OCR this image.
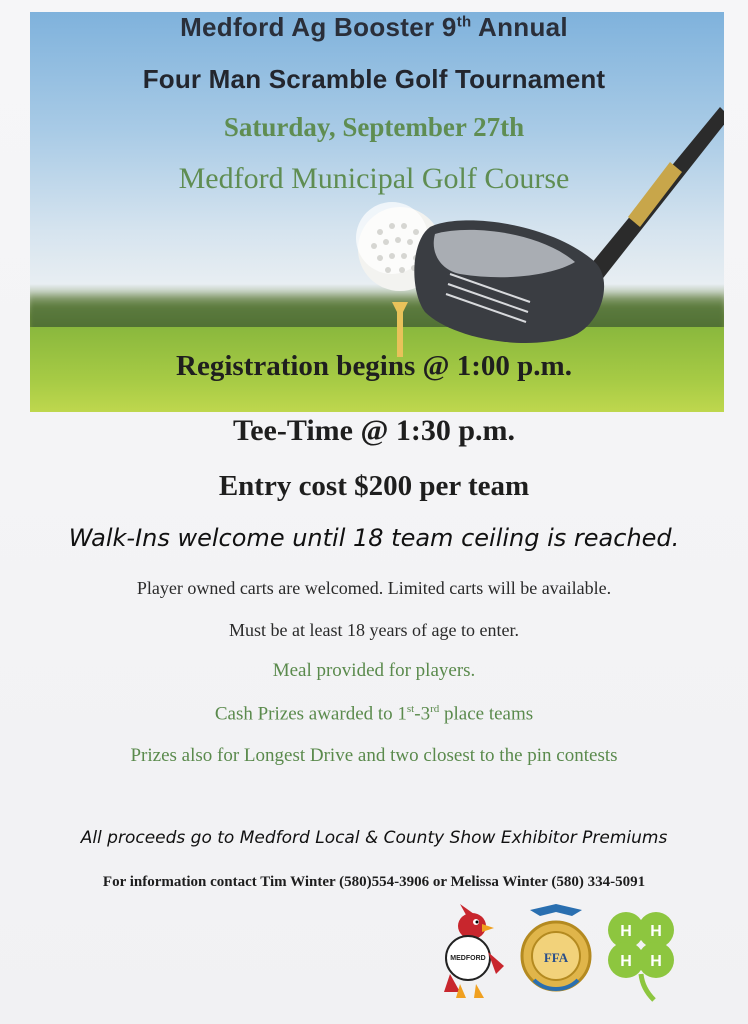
Medford Ag Booster 9th Annual
Four Man Scramble Golf Tournament
Saturday, September 27th
Medford Municipal Golf Course
Registration begins @ 1:00 p.m.
Tee-Time @ 1:30 p.m.
Entry cost $200 per team
Walk-Ins welcome until 18 team ceiling is reached.
Player owned carts are welcomed. Limited carts will be available.
Must be at least 18 years of age to enter.
Meal provided for players.
Cash Prizes awarded to 1st-3rd place teams
Prizes also for Longest Drive and two closest to the pin contests
All proceeds go to Medford Local & County Show Exhibitor Premiums
For information contact Tim Winter (580)554-3906 or Melissa Winter (580) 334-5091
MEDFORD	FFA
H H
H H
